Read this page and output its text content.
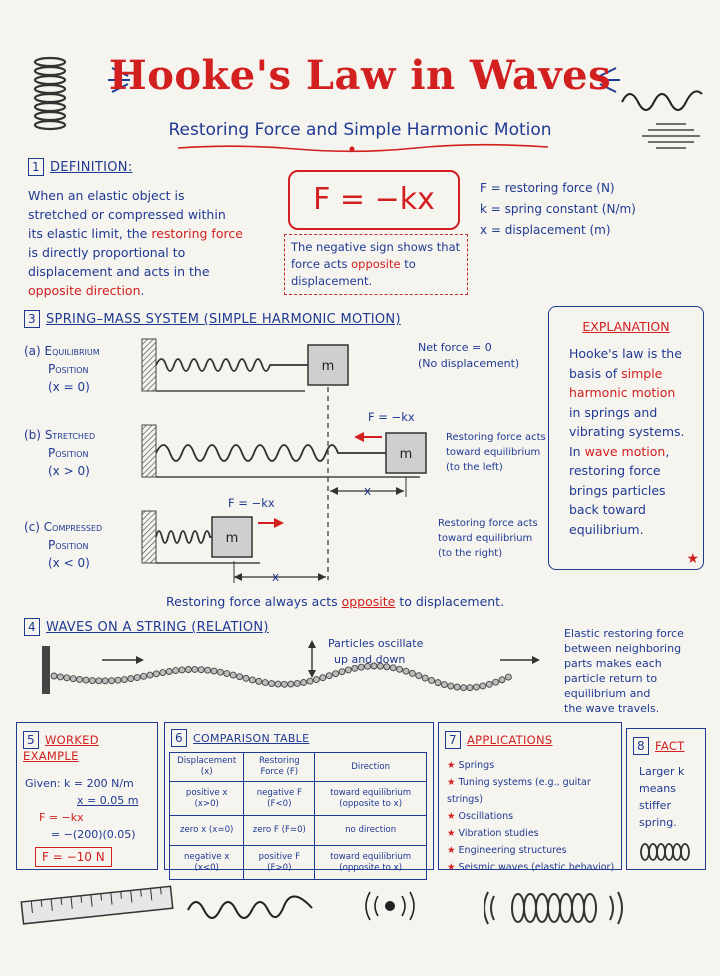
Hooke's Law in Waves
Restoring Force and Simple Harmonic Motion
1 DEFINITION:
When an elastic object is stretched or compressed within its elastic limit, the restoring force is directly proportional to displacement and acts in the opposite direction.
F = −kx	F = restoring force (N)
k = spring constant (N/m)
x = displacement (m)
The negative sign shows that force acts opposite to displacement.
3 SPRING–MASS SYSTEM (SIMPLE HARMONIC MOTION)
(a) Equilibrium
Position
(x = 0)
(b) Stretched
Position
(x > 0)
(c) Compressed
Position
(x < 0)
m
m
m
F = −kx
x
F = −kx
x
Net force = 0
(No displacement)
Restoring force acts
toward equilibrium
(to the left)
Restoring force acts
toward equilibrium
(to the right)
Restoring force always acts opposite to displacement.
EXPLANATION
Hooke's law is the
basis of simple
harmonic motion
in springs and
vibrating systems.
In wave motion,
restoring force
brings particles
back toward
equilibrium.
★
4 WAVES ON A STRING (RELATION)
Particles oscillate
up and down
Elastic restoring force
between neighboring
parts makes each
particle return to
equilibrium and
the wave travels.
5 WORKED EXAMPLE
Given: k = 200 N/m
x = 0.05 m
F = −kx
= −(200)(0.05)
F = −10 N
6 COMPARISON TABLE
Displacement (x)	Restoring Force (F)	Direction
positive x (x>0)	negative F (F<0)	toward equilibrium (opposite to x)
zero x (x=0)	zero F (F=0)	no direction
negative x (x<0)	positive F (F>0)	toward equilibrium (opposite to x)
7 APPLICATIONS
★ Springs
★ Tuning systems (e.g., guitar strings)
★ Oscillations
★ Vibration studies
★ Engineering structures
★ Seismic waves (elastic behavior)
8 FACT
Larger k
means
stiffer
spring.
